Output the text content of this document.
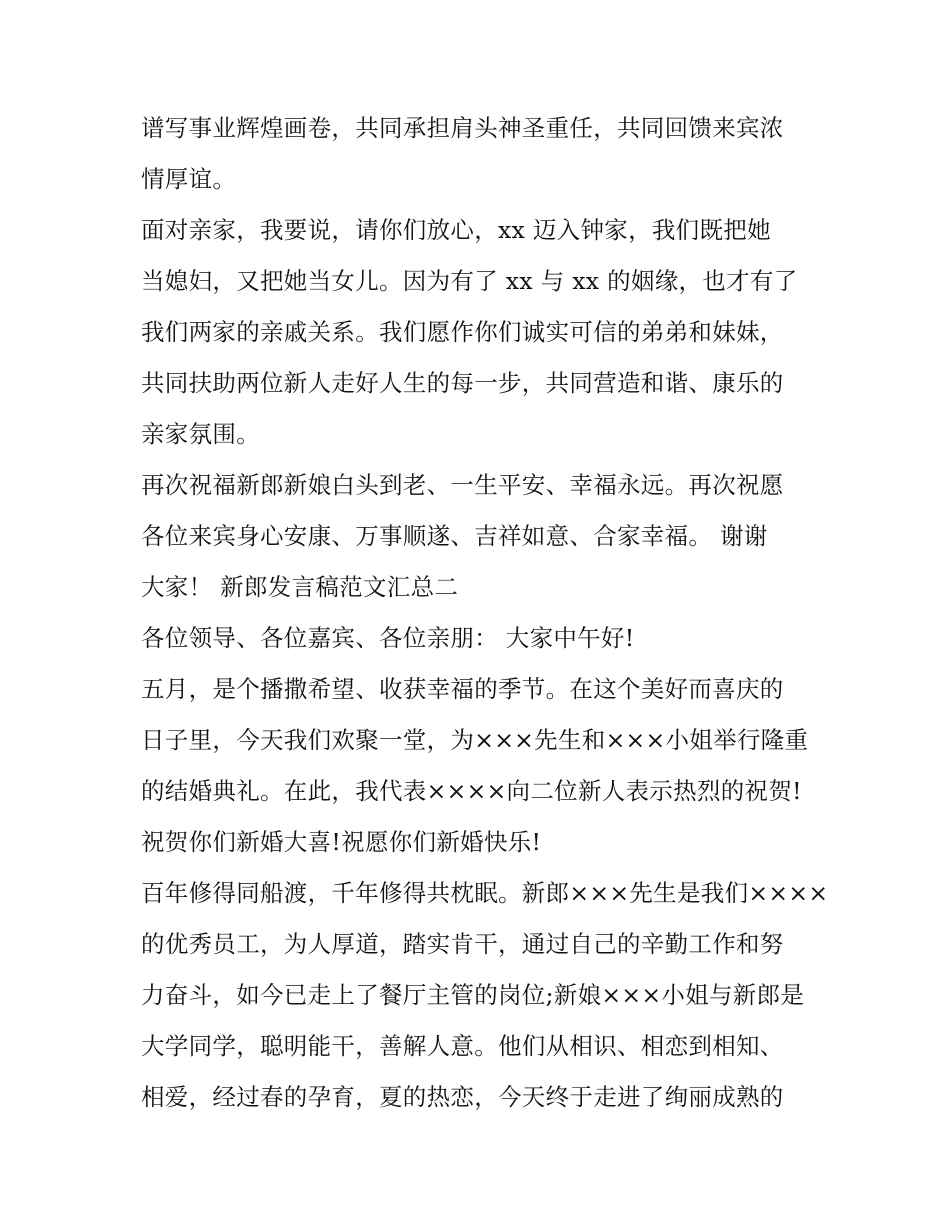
谱写事业辉煌画卷，共同承担肩头神圣重任，共同回馈来宾浓
情厚谊。
面对亲家，我要说，请你们放心，xx 迈入钟家，我们既把她
当媳妇，又把她当女儿。因为有了 xx 与 xx 的姻缘，也才有了
我们两家的亲戚关系。我们愿作你们诚实可信的弟弟和妹妹，
共同扶助两位新人走好人生的每一步，共同营造和谐、康乐的
亲家氛围。
再次祝福新郎新娘白头到老、一生平安、幸福永远。再次祝愿
各位来宾身心安康、万事顺遂、吉祥如意、合家幸福。 谢谢
大家！ 新郎发言稿范文汇总二
各位领导、各位嘉宾、各位亲朋： 大家中午好!
五月，是个播撒希望、收获幸福的季节。在这个美好而喜庆的
日子里，今天我们欢聚一堂，为×××先生和×××小姐举行隆重
的结婚典礼。在此，我代表××××向二位新人表示热烈的祝贺!
祝贺你们新婚大喜!祝愿你们新婚快乐!
百年修得同船渡，千年修得共枕眠。新郎×××先生是我们××××
的优秀员工，为人厚道，踏实肯干，通过自己的辛勤工作和努
力奋斗，如今已走上了餐厅主管的岗位;新娘×××小姐与新郎是
大学同学，聪明能干，善解人意。他们从相识、相恋到相知、
相爱，经过春的孕育，夏的热恋，今天终于走进了绚丽成熟的
